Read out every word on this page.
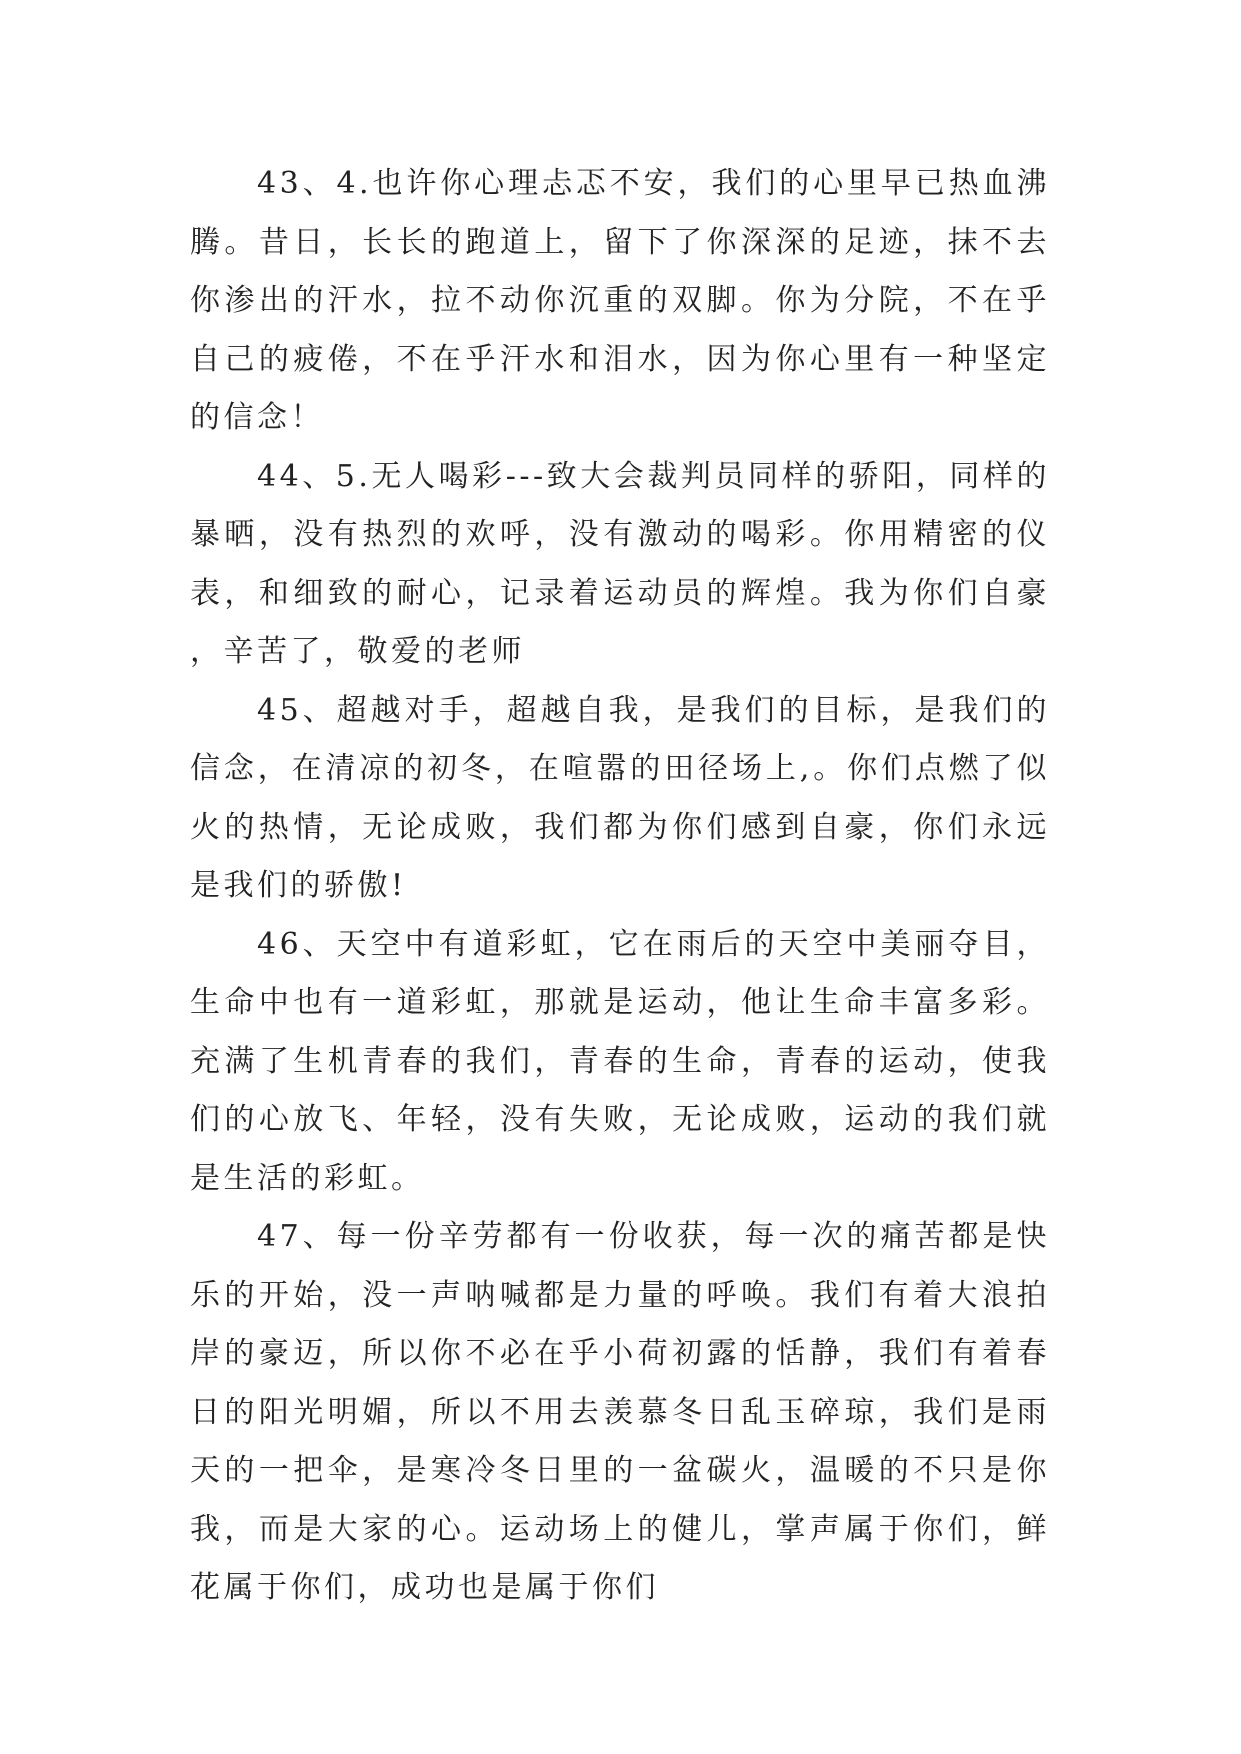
43、4.也许你心理忐忑不安，我们的心里早已热血沸腾。昔日，长长的跑道上，留下了你深深的足迹，抹不去你渗出的汗水，拉不动你沉重的双脚。你为分院，不在乎自己的疲倦，不在乎汗水和泪水，因为你心里有一种坚定的信念！

44、5.无人喝彩---致大会裁判员同样的骄阳，同样的暴晒，没有热烈的欢呼，没有激动的喝彩。你用精密的仪表，和细致的耐心，记录着运动员的辉煌。我为你们自豪，辛苦了，敬爱的老师

45、超越对手，超越自我，是我们的目标，是我们的信念，在清凉的初冬，在喧嚣的田径场上,。你们点燃了似火的热情，无论成败，我们都为你们感到自豪，你们永远是我们的骄傲!

46、天空中有道彩虹，它在雨后的天空中美丽夺目，生命中也有一道彩虹，那就是运动，他让生命丰富多彩。充满了生机青春的我们，青春的生命，青春的运动，使我们的心放飞、年轻，没有失败，无论成败，运动的我们就是生活的彩虹。

47、每一份辛劳都有一份收获，每一次的痛苦都是快乐的开始，没一声呐喊都是力量的呼唤。我们有着大浪拍岸的豪迈，所以你不必在乎小荷初露的恬静，我们有着春日的阳光明媚，所以不用去羡慕冬日乱玉碎琼，我们是雨天的一把伞，是寒冷冬日里的一盆碳火，温暖的不只是你我，而是大家的心。运动场上的健儿，掌声属于你们，鲜花属于你们，成功也是属于你们
